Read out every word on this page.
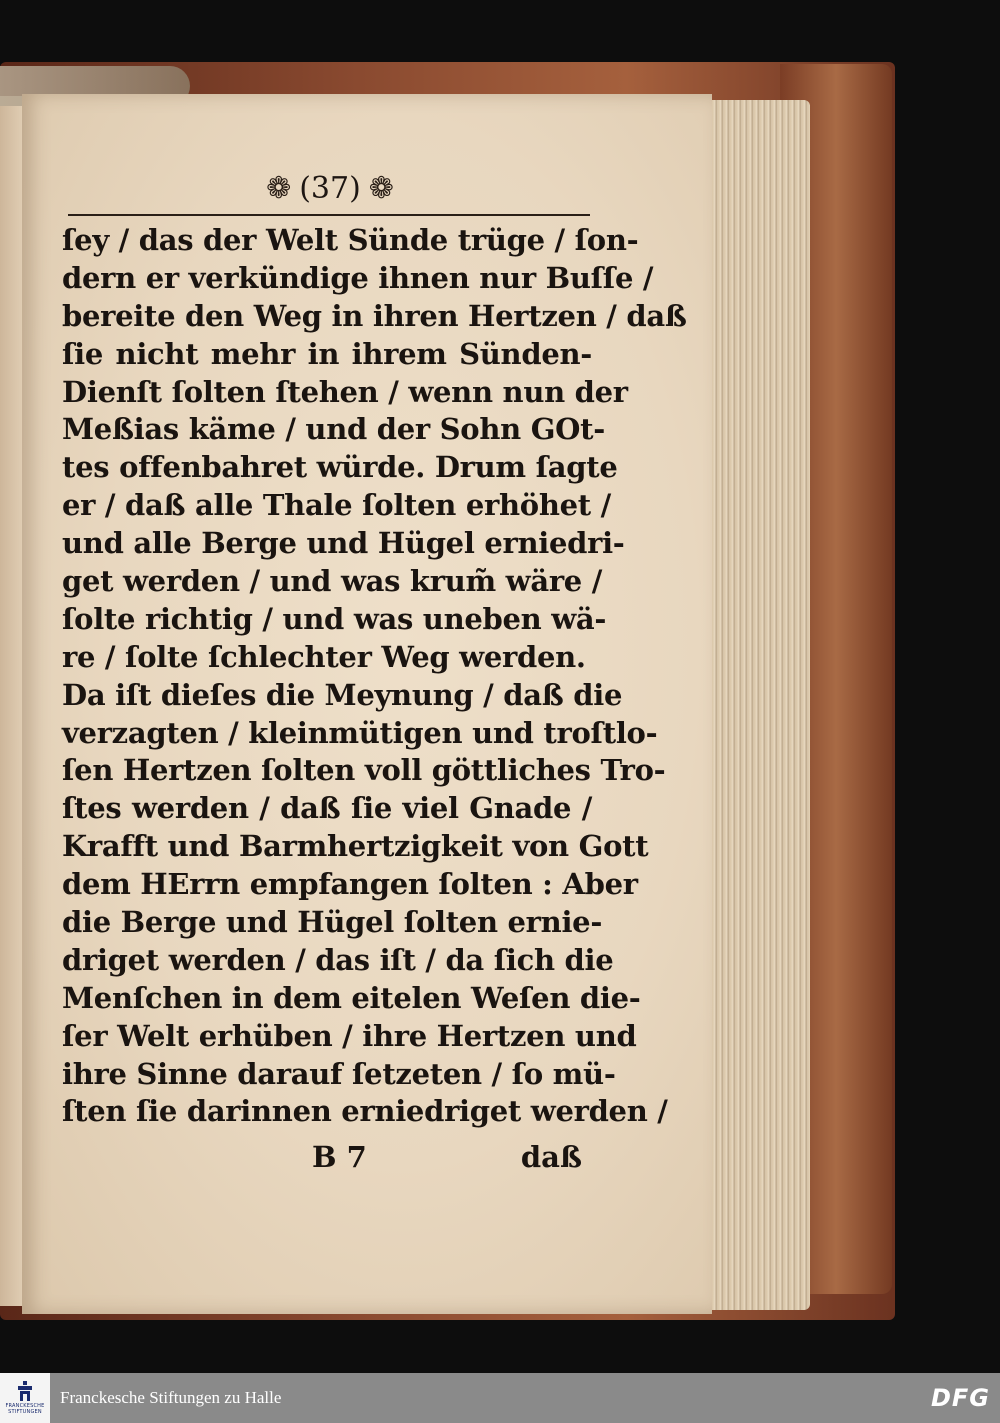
❁ (37) ❁
ſey / das der Welt Sünde trüge / ſon-
dern er verkündige ihnen nur Buſſe /
bereite den Weg in ihren Hertzen / daß
ſie nicht mehr in ihrem Sünden-
Dienſt ſolten ſtehen / wenn nun der
Meßias käme / und der Sohn GOt-
tes offenbahret würde. Drum ſagte
er / daß alle Thale ſolten erhöhet /
und alle Berge und Hügel erniedri-
get werden / und was krum̃ wäre /
ſolte richtig / und was uneben wä-
re / ſolte ſchlechter Weg werden.
Da iſt dieſes die Meynung / daß die
verzagten / kleinmütigen und troſtlo-
ſen Hertzen ſolten voll göttliches Tro-
ſtes werden / daß ſie viel Gnade /
Krafft und Barmhertzigkeit von Gott
dem HErrn empfangen ſolten : Aber
die Berge und Hügel ſolten ernie-
driget werden / das iſt / da ſich die
Menſchen in dem eitelen Weſen die-
ſer Welt erhüben / ihre Hertzen und
ihre Sinne darauf ſetzeten / ſo mü-
ſten ſie darinnen erniedriget werden /
B 7	daß
FRANCKESCHE
STIFTUNGEN
Franckesche Stiftungen zu Halle	DFG
